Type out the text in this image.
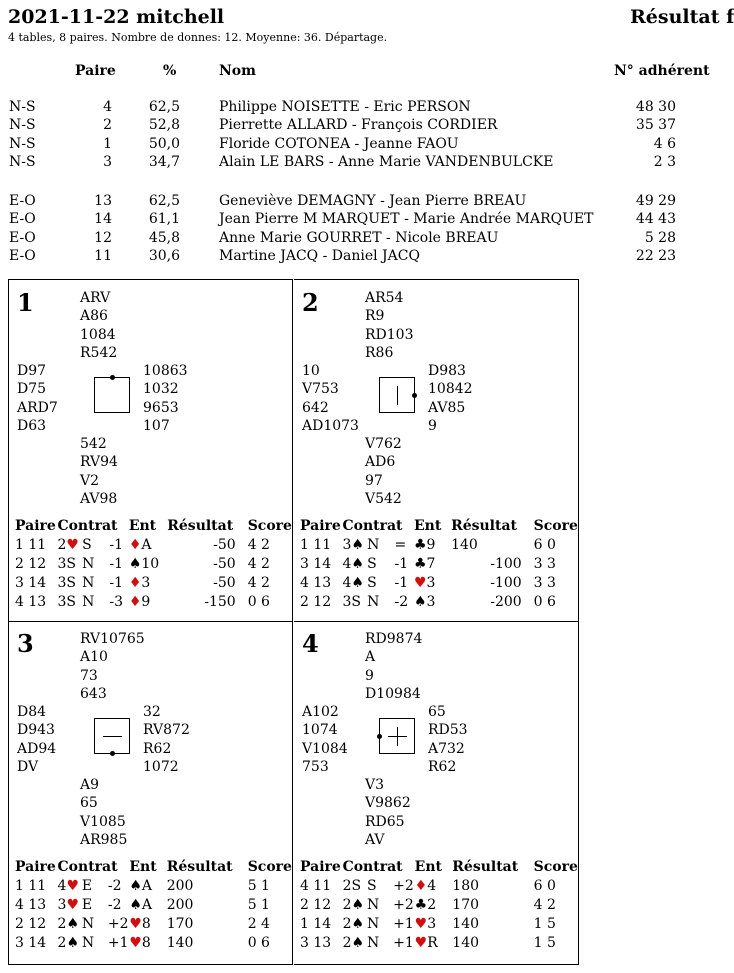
2021-11-22 mitchell	Résultat f
4 tables, 8 paires. Nombre de donnes: 12. Moyenne: 36. Départage.
Paire	%	Nom	N° adhérent
N-S	4	62,5	Philippe NOISETTE - Eric PERSON	48 30
N-S	2	52,8	Pierrette ALLARD - François CORDIER	35 37
N-S	1	50,0	Floride COTONEA - Jeanne FAOU	4 6
N-S	3	34,7	Alain LE BARS - Anne Marie VANDENBULCKE	2 3
E-O	13	62,5	Geneviève DEMAGNY - Jean Pierre BREAU	49 29
E-O	14	61,1	Jean Pierre M MARQUET - Marie Andrée MARQUET	44 43
E-O	12	45,8	Anne Marie GOURRET - Nicole BREAU	5 28
E-O	11	30,6	Martine JACQ - Daniel JACQ	22 23
1	ARV
A86
1084
R542
D97
D75
ARD7
D63
10863
1032
9653
107
542
RV94
V2
AV98
Paire	Contrat			Ent	Résultat		Score
1 11	2♥	S	-1	♦A		-50	4 2
2 12	3S	N	-1	♠10		-50	4 2
3 14	3S	N	-1	♦3		-50	4 2
4 13	3S	N	-3	♦9		-150	0 6
2	AR54
R9
RD103
R86
10
V753
642
AD1073
D983
10842
AV85
9
V762
AD6
97
V542
Paire	Contrat			Ent	Résultat		Score
1 11	3♠	N	=	♣9	140		6 0
3 14	4♠	S	-1	♣7		-100	3 3
4 13	4♠	S	-1	♥3		-100	3 3
2 12	3S	N	-2	♠3		-200	0 6
3	RV10765
A10
73
643
D84
D943
AD94
DV
32
RV872
R62
1072
A9
65
V1085
AR985
Paire	Contrat			Ent	Résultat		Score
1 11	4♥	E	-2	♠A	200		5 1
4 13	3♥	E	-2	♠A	200		5 1
2 12	2♠	N	+2	♥8	170		2 4
3 14	2♠	N	+1	♥8	140		0 6
4	RD9874
A
9
D10984
A102
1074
V1084
753
65
RD53
A732
R62
V3
V9862
RD65
AV
Paire	Contrat			Ent	Résultat		Score
4 11	2S	S	+2	♦4	180		6 0
2 12	2♠	N	+2	♣2	170		4 2
1 14	2♠	N	+1	♥3	140		1 5
3 13	2♠	N	+1	♥R	140		1 5
